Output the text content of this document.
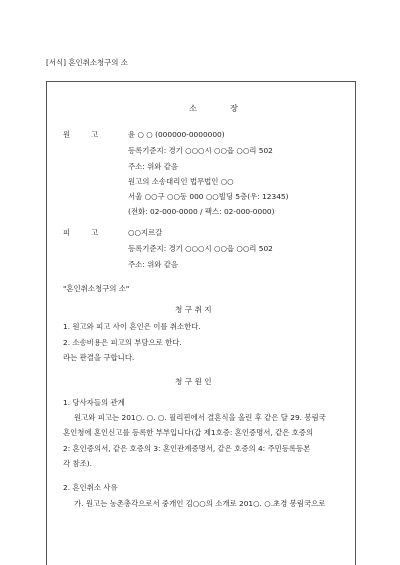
[서식] 혼인취소청구의 소
소	장
원	고	윤 ○ ○ (000000-0000000)
등록기준지: 경기 ○○○시 ○○읍 ○○리 502
주소: 위와 같음
원고의 소송대리인 법무법인 ○○
서울 ○○구 ○○동 000 ○○빌딩 5층(우: 12345)
(전화: 02-000-0000 / 팩스: 02-000-0000)
피	고	○○지르갈
등록기준지: 경기 ○○○시 ○○읍 ○○리 502
주소: 위와 같음
"혼인취소청구의 소"
청 구 취 지
1. 원고와 피고 사이 혼인은 이를 취소한다.
2. 소송비용은 피고의 부담으로 한다.
라는 판결을 구합니다.
청 구 원 인
1. 당사자들의 관계
원고와 피고는 201○. ○. ○. 필리핀에서 결혼식을 올린 후 같은 달 29. 봉림국
혼인청에 혼인신고를 등록한 부부입니다(갑 제1호증: 혼인증명서, 같은 호증의
2: 혼인증의서, 같은 호증의 3: 혼인관계증명서, 같은 호증의 4: 주민등록등본
각 참조).
2. 혼인취소 사유
가. 원고는 농촌총각으로서 중개인 김○○의 소개로 201○. ○.초경 봉림국으로
